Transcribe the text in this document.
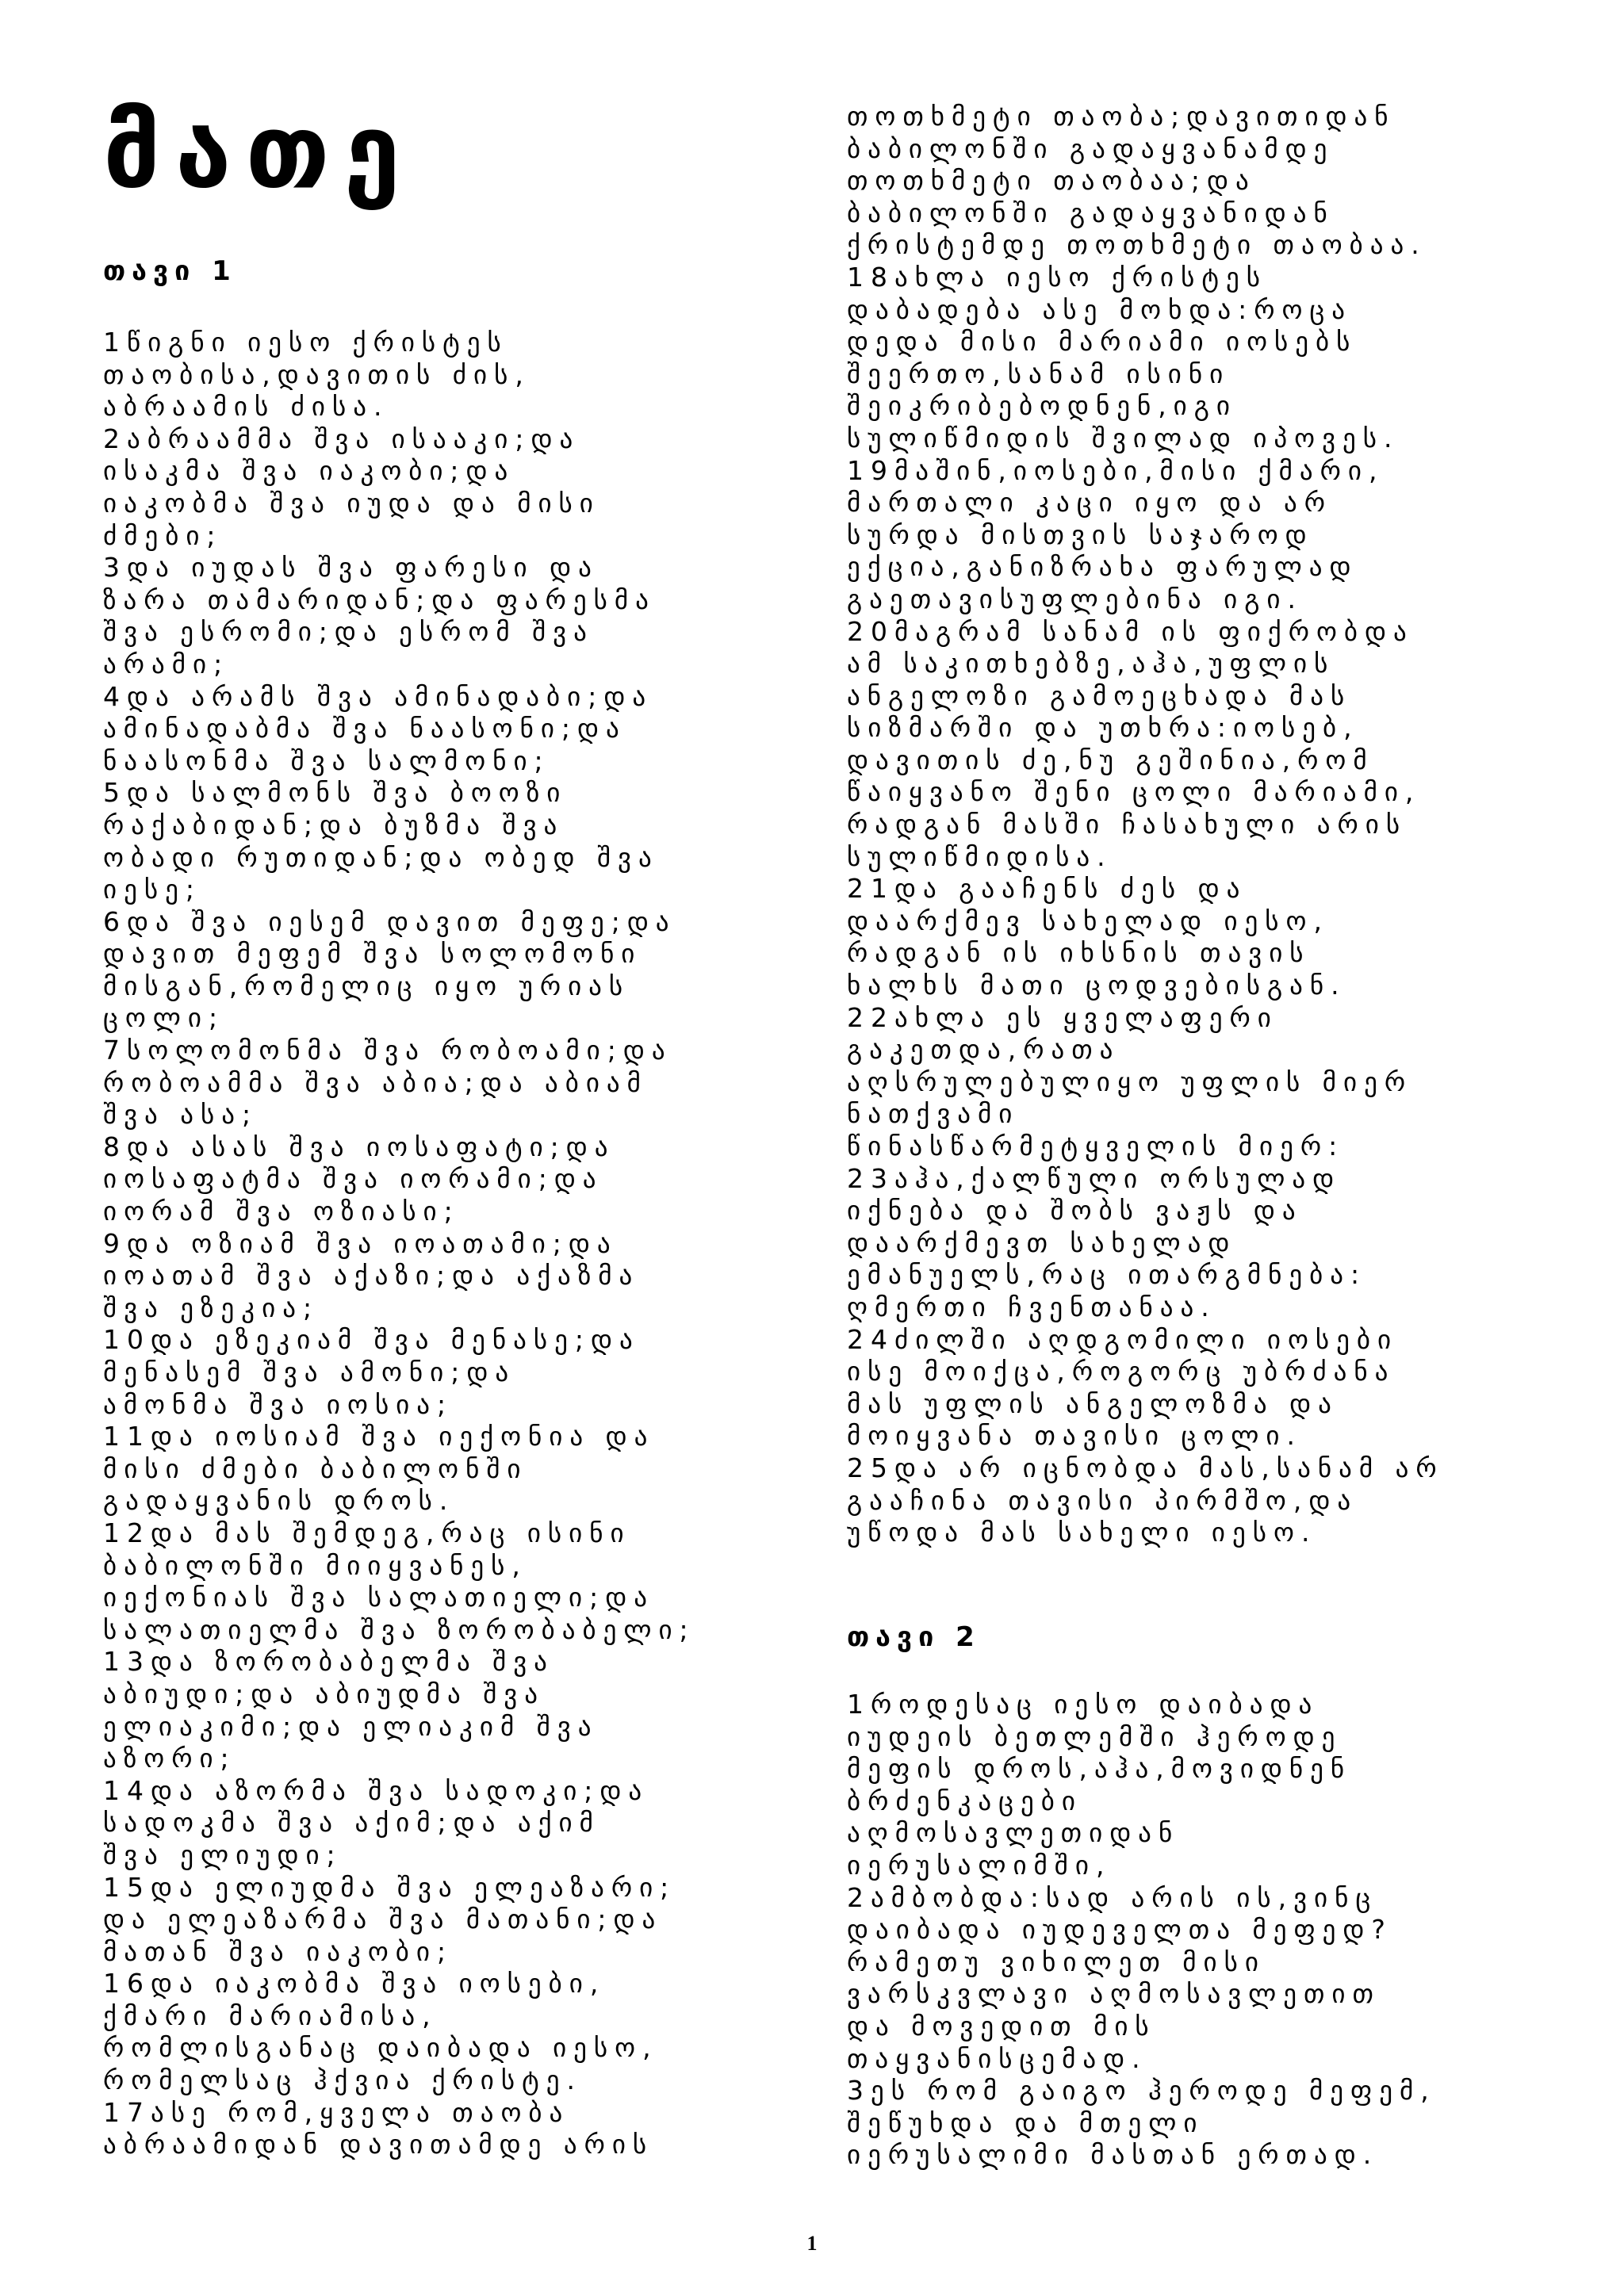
მათე
თავი 1
1წიგნი იესო ქრისტეს
თაობისა,დავითის ძის,
აბრაამის ძისა.
2აბრაამმა შვა ისააკი;და
ისაკმა შვა იაკობი;და
იაკობმა შვა იუდა და მისი
ძმები;
3და იუდას შვა ფარესი და
ზარა თამარიდან;და ფარესმა
შვა ესრომი;და ესრომ შვა
არამი;
4და არამს შვა ამინადაბი;და
ამინადაბმა შვა ნაასონი;და
ნაასონმა შვა სალმონი;
5და სალმონს შვა ბოოზი
რაქაბიდან;და ბუზმა შვა
ობადი რუთიდან;და ობედ შვა
იესე;
6და შვა იესემ დავით მეფე;და
დავით მეფემ შვა სოლომონი
მისგან,რომელიც იყო ურიას
ცოლი;
7სოლომონმა შვა რობოამი;და
რობოამმა შვა აბია;და აბიამ
შვა ასა;
8და ასას შვა იოსაფატი;და
იოსაფატმა შვა იორამი;და
იორამ შვა ოზიასი;
9და ოზიამ შვა იოათამი;და
იოათამ შვა აქაზი;და აქაზმა
შვა ეზეკია;
10და ეზეკიამ შვა მენასე;და
მენასემ შვა ამონი;და
ამონმა შვა იოსია;
11და იოსიამ შვა იექონია და
მისი ძმები ბაბილონში
გადაყვანის დროს.
12და მას შემდეგ,რაც ისინი
ბაბილონში მიიყვანეს,
იექონიას შვა სალათიელი;და
სალათიელმა შვა ზორობაბელი;
13და ზორობაბელმა შვა
აბიუდი;და აბიუდმა შვა
ელიაკიმი;და ელიაკიმ შვა
აზორი;
14და აზორმა შვა სადოკი;და
სადოკმა შვა აქიმ;და აქიმ
შვა ელიუდი;
15და ელიუდმა შვა ელეაზარი;
და ელეაზარმა შვა მათანი;და
მათან შვა იაკობი;
16და იაკობმა შვა იოსები,
ქმარი მარიამისა,
რომლისგანაც დაიბადა იესო,
რომელსაც ჰქვია ქრისტე.
17ასე რომ,ყველა თაობა
აბრაამიდან დავითამდე არის
თოთხმეტი თაობა;დავითიდან
ბაბილონში გადაყვანამდე
თოთხმეტი თაობაა;და
ბაბილონში გადაყვანიდან
ქრისტემდე თოთხმეტი თაობაა.
18ახლა იესო ქრისტეს
დაბადება ასე მოხდა:როცა
დედა მისი მარიამი იოსებს
შეერთო,სანამ ისინი
შეიკრიბებოდნენ,იგი
სულიწმიდის შვილად იპოვეს.
19მაშინ,იოსები,მისი ქმარი,
მართალი კაცი იყო და არ
სურდა მისთვის საჯაროდ
ექცია,განიზრახა ფარულად
გაეთავისუფლებინა იგი.
20მაგრამ სანამ ის ფიქრობდა
ამ საკითხებზე,აჰა,უფლის
ანგელოზი გამოეცხადა მას
სიზმარში და უთხრა:იოსებ,
დავითის ძე,ნუ გეშინია,რომ
წაიყვანო შენი ცოლი მარიამი,
რადგან მასში ჩასახული არის
სულიწმიდისა.
21და გააჩენს ძეს და
დაარქმევ სახელად იესო,
რადგან ის იხსნის თავის
ხალხს მათი ცოდვებისგან.
22ახლა ეს ყველაფერი
გაკეთდა,რათა
აღსრულებულიყო უფლის მიერ
ნათქვამი
წინასწარმეტყველის მიერ:
23აჰა,ქალწული ორსულად
იქნება და შობს ვაჟს და
დაარქმევთ სახელად
ემანუელს,რაც ითარგმნება:
ღმერთი ჩვენთანაა.
24ძილში აღდგომილი იოსები
ისე მოიქცა,როგორც უბრძანა
მას უფლის ანგელოზმა და
მოიყვანა თავისი ცოლი.
25და არ იცნობდა მას,სანამ არ
გააჩინა თავისი პირმშო,და
უწოდა მას სახელი იესო.
თავი 2
1როდესაც იესო დაიბადა
იუდეის ბეთლემში ჰეროდე
მეფის დროს,აჰა,მოვიდნენ
ბრძენკაცები
აღმოსავლეთიდან
იერუსალიმში,
2ამბობდა:სად არის ის,ვინც
დაიბადა იუდეველთა მეფედ?
რამეთუ ვიხილეთ მისი
ვარსკვლავი აღმოსავლეთით
და მოვედით მის
თაყვანისცემად.
3ეს რომ გაიგო ჰეროდე მეფემ,
შეწუხდა და მთელი
იერუსალიმი მასთან ერთად.
1
